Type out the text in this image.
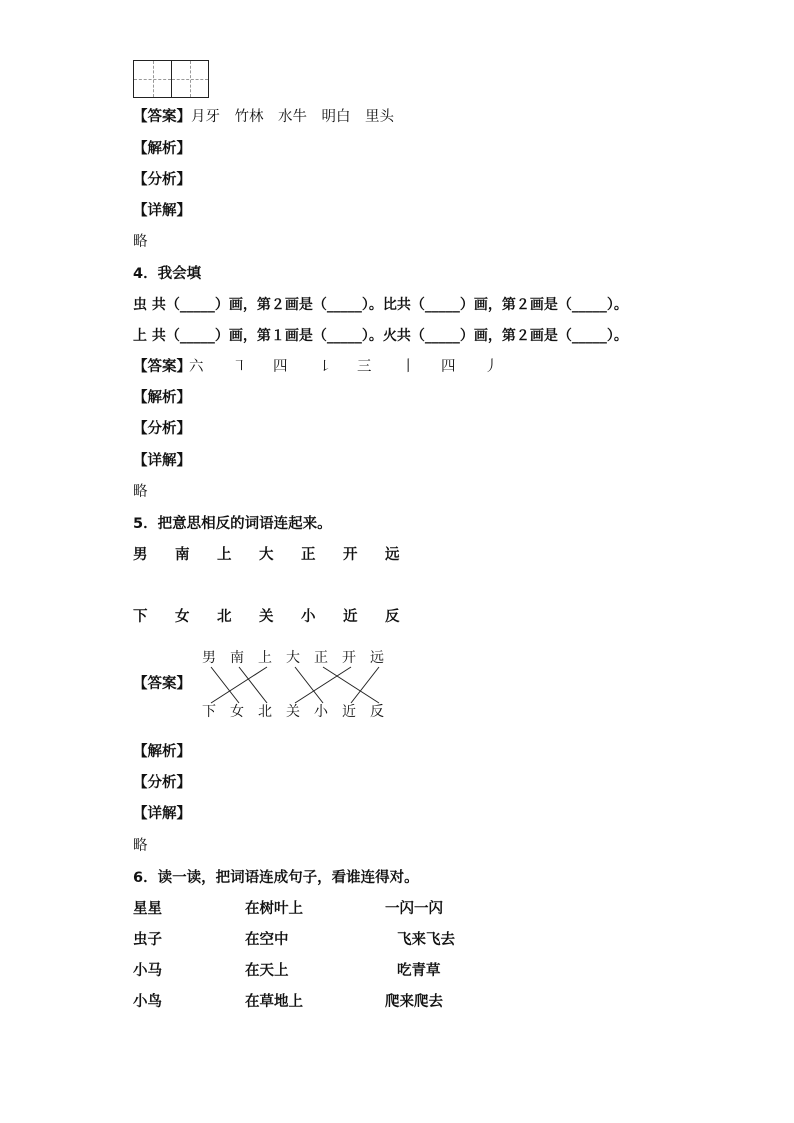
【答案】月牙　竹林　水牛　明白　里头
【解析】
【分析】
【详解】
略
4．我会填
虫 共（_____）画，第２画是（_____）。比共（_____）画，第２画是（_____）。
上 共（_____）画，第１画是（_____）。火共（_____）画，第２画是（_____）。
【答案】
六 ㇕ 四 ㇙ 三 丨 四 丿
【解析】
【分析】
【详解】
略
5．把意思相反的词语连起来。
男 南 上 大 正 开 远
下 女 北 关 小 近 反
【答案】
男 南 上 大 正 开 远
下 女 北 关 小 近 反
【解析】
【分析】
【详解】
略
6．读一读，把词语连成句子，看谁连得对。
星星	在树叶上	一闪一闪
虫子	在空中	飞来飞去
小马	在天上	吃青草
小鸟	在草地上	爬来爬去
